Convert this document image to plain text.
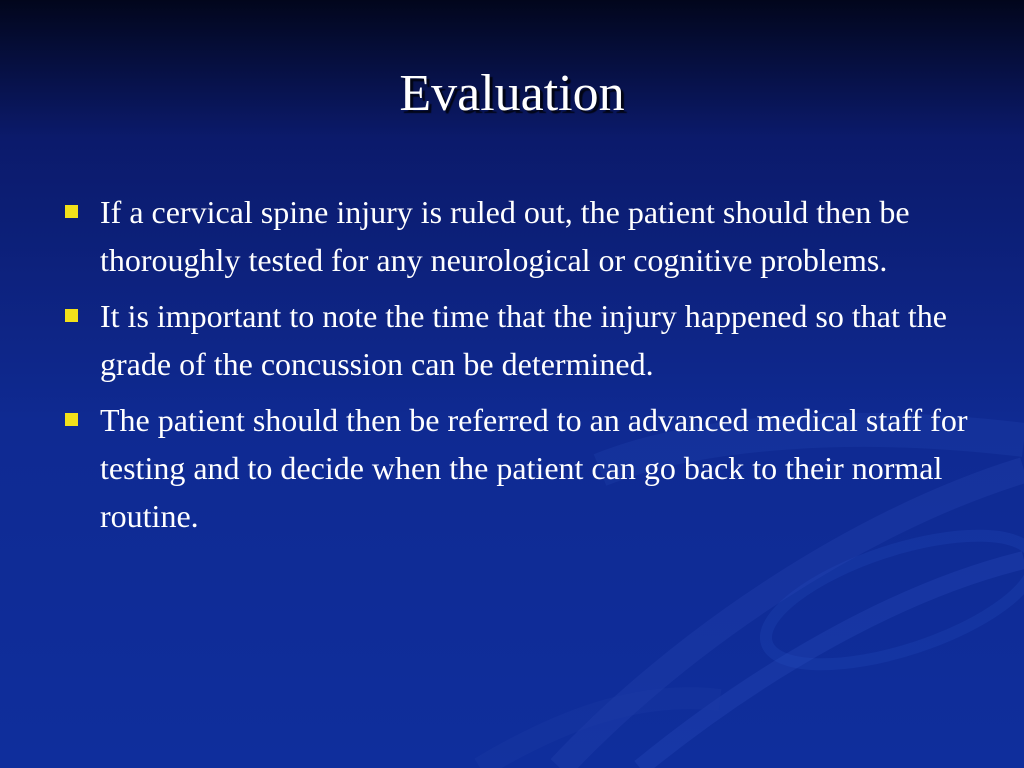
Evaluation
If a cervical spine injury is ruled out, the patient should then be thoroughly tested for any neurological or cognitive problems.
It is important to note the time that the injury happened so that the grade of the concussion can be determined.
The patient should then be referred to an advanced medical staff for testing and to decide when the patient can go back to their normal routine.
